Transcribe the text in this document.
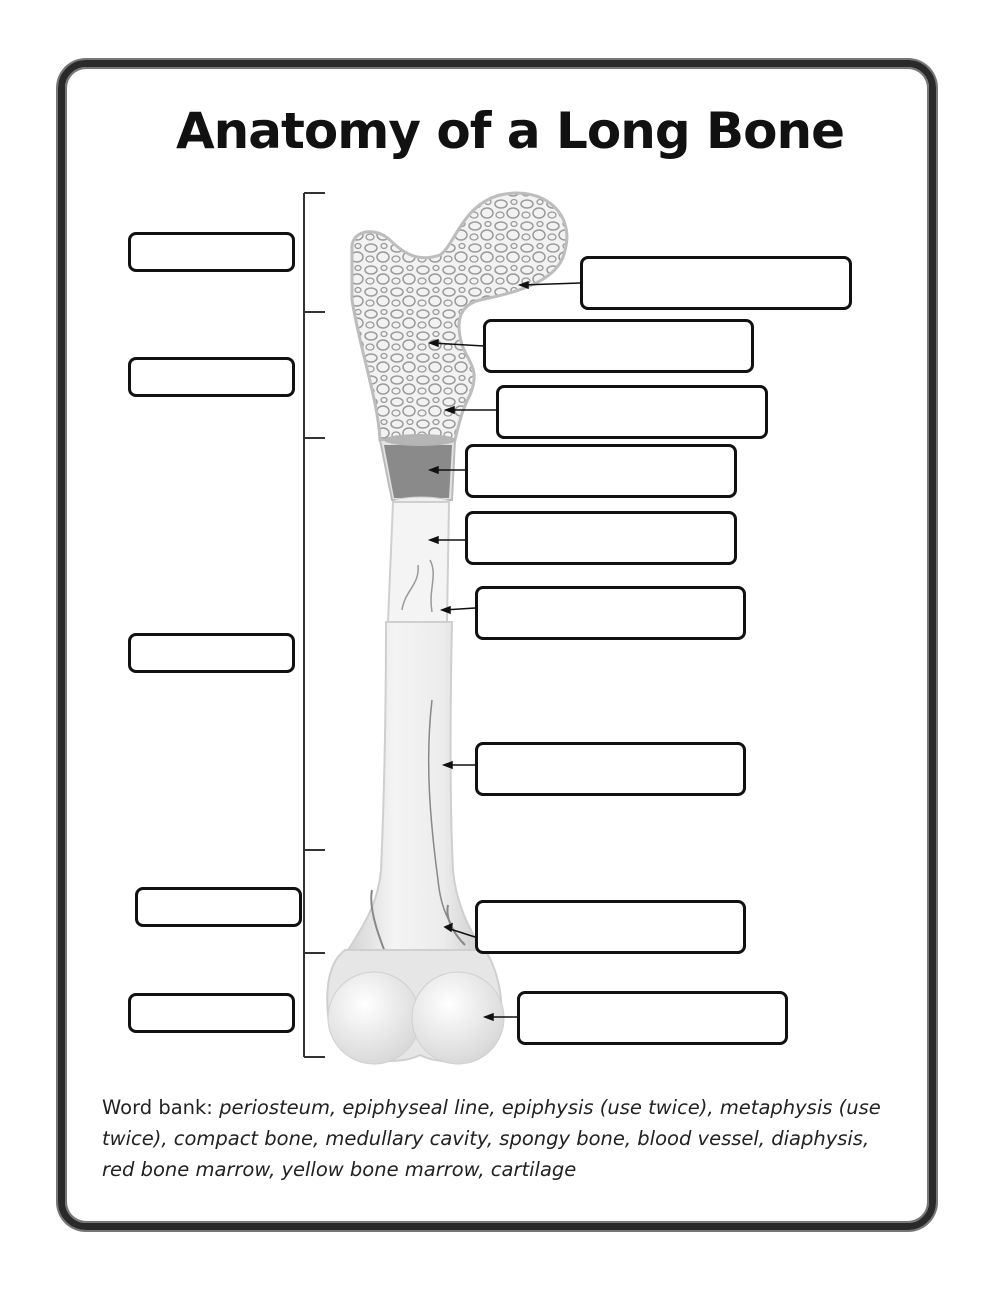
Anatomy of a Long Bone
Word bank: periosteum, epiphyseal line, epiphysis (use twice), metaphysis (use twice), compact bone, medullary cavity, spongy bone, blood vessel, diaphysis, red bone marrow, yellow bone marrow, cartilage
